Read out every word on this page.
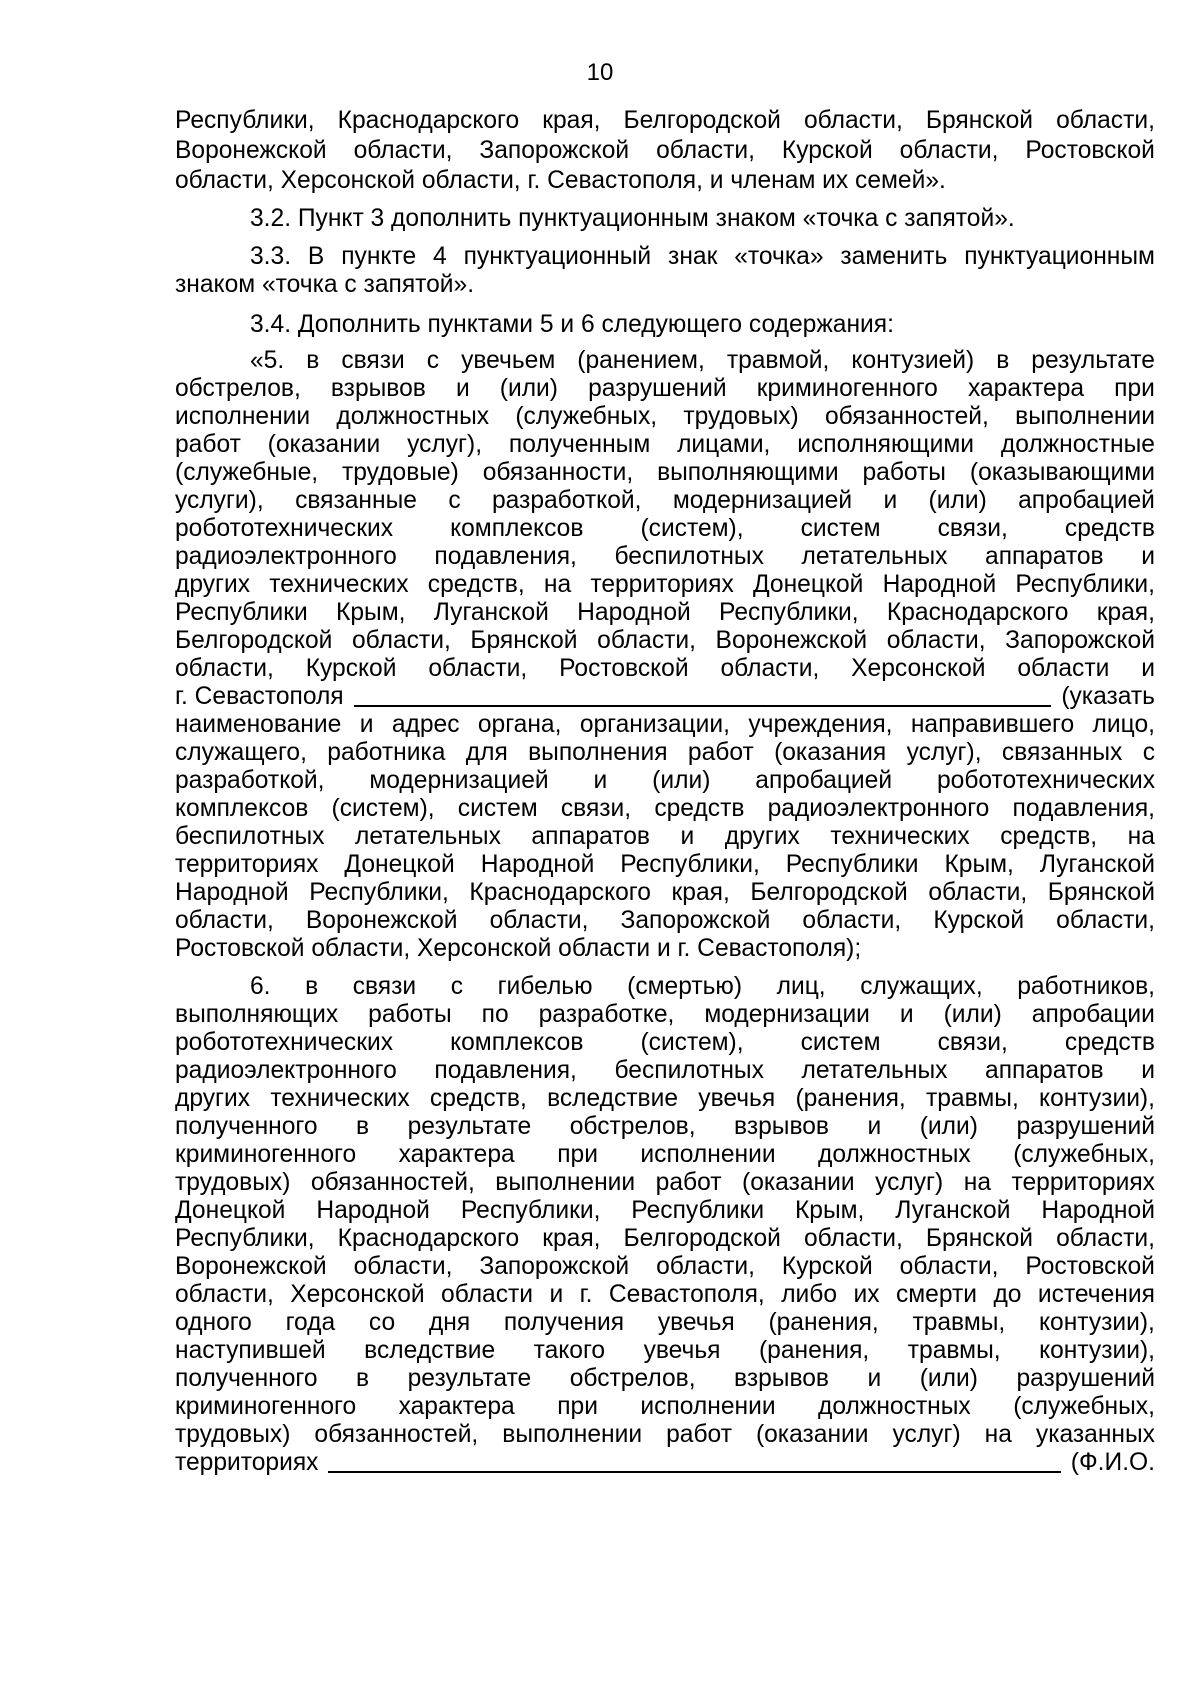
10
Республики, Краснодарского края, Белгородской области, Брянской области,
Воронежской области, Запорожской области, Курской области, Ростовской
области, Херсонской области, г. Севастополя, и членам их семей».
3.2. Пункт 3 дополнить пунктуационным знаком «точка с запятой».
3.3. В пункте 4 пунктуационный знак «точка» заменить пунктуационным
знаком «точка с запятой».
3.4. Дополнить пунктами 5 и 6 следующего содержания:
«5. в связи с увечьем (ранением, травмой, контузией) в результате
обстрелов, взрывов и (или) разрушений криминогенного характера при
исполнении должностных (служебных, трудовых) обязанностей, выполнении
работ (оказании услуг), полученным лицами, исполняющими должностные
(служебные, трудовые) обязанности, выполняющими работы (оказывающими
услуги), связанные с разработкой, модернизацией и (или) апробацией
робототехнических комплексов (систем), систем связи, средств
радиоэлектронного подавления, беспилотных летательных аппаратов и
других технических средств, на территориях Донецкой Народной Республики,
Республики Крым, Луганской Народной Республики, Краснодарского края,
Белгородской области, Брянской области, Воронежской области, Запорожской
области, Курской области, Ростовской области, Херсонской области и
г. Севастополя	(указать
наименование и адрес органа, организации, учреждения, направившего лицо,
служащего, работника для выполнения работ (оказания услуг), связанных с
разработкой, модернизацией и (или) апробацией робототехнических
комплексов (систем), систем связи, средств радиоэлектронного подавления,
беспилотных летательных аппаратов и других технических средств, на
территориях Донецкой Народной Республики, Республики Крым, Луганской
Народной Республики, Краснодарского края, Белгородской области, Брянской
области, Воронежской области, Запорожской области, Курской области,
Ростовской области, Херсонской области и г. Севастополя);
6. в связи с гибелью (смертью) лиц, служащих, работников,
выполняющих работы по разработке, модернизации и (или) апробации
робототехнических комплексов (систем), систем связи, средств
радиоэлектронного подавления, беспилотных летательных аппаратов и
других технических средств, вследствие увечья (ранения, травмы, контузии),
полученного в результате обстрелов, взрывов и (или) разрушений
криминогенного характера при исполнении должностных (служебных,
трудовых) обязанностей, выполнении работ (оказании услуг) на территориях
Донецкой Народной Республики, Республики Крым, Луганской Народной
Республики, Краснодарского края, Белгородской области, Брянской области,
Воронежской области, Запорожской области, Курской области, Ростовской
области, Херсонской области и г. Севастополя, либо их смерти до истечения
одного года со дня получения увечья (ранения, травмы, контузии),
наступившей вследствие такого увечья (ранения, травмы, контузии),
полученного в результате обстрелов, взрывов и (или) разрушений
криминогенного характера при исполнении должностных (служебных,
трудовых) обязанностей, выполнении работ (оказании услуг) на указанных
территориях	(Ф.И.О.
